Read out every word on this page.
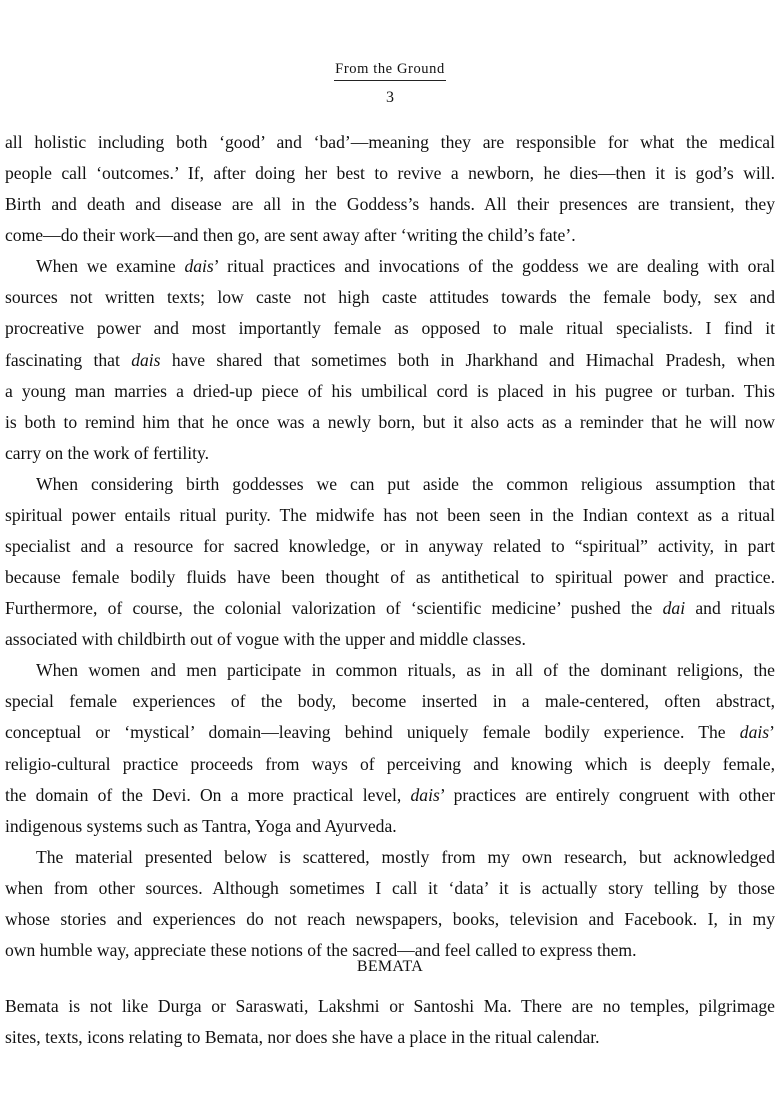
From the Ground
3
all holistic including both ‘good’ and ‘bad’—meaning they are responsible for what the medical
people call ‘outcomes.’ If, after doing her best to revive a newborn, he dies—then it is god’s will.
Birth and death and disease are all in the Goddess’s hands. All their presences are transient, they
come—do their work—and then go, are sent away after ‘writing the child’s fate’.
When we examine dais’ ritual practices and invocations of the goddess we are dealing with oral
sources not written texts; low caste not high caste attitudes towards the female body, sex and
procreative power and most importantly female as opposed to male ritual specialists. I find it
fascinating that dais have shared that sometimes both in Jharkhand and Himachal Pradesh, when
a young man marries a dried-up piece of his umbilical cord is placed in his pugree or turban. This
is both to remind him that he once was a newly born, but it also acts as a reminder that he will now
carry on the work of fertility.
When considering birth goddesses we can put aside the common religious assumption that
spiritual power entails ritual purity. The midwife has not been seen in the Indian context as a ritual
specialist and a resource for sacred knowledge, or in anyway related to “spiritual” activity, in part
because female bodily fluids have been thought of as antithetical to spiritual power and practice.
Furthermore, of course, the colonial valorization of ‘scientific medicine’ pushed the dai and rituals
associated with childbirth out of vogue with the upper and middle classes.
When women and men participate in common rituals, as in all of the dominant religions, the
special female experiences of the body, become inserted in a male-centered, often abstract,
conceptual or ‘mystical’ domain—leaving behind uniquely female bodily experience. The dais’
religio-cultural practice proceeds from ways of perceiving and knowing which is deeply female,
the domain of the Devi. On a more practical level, dais’ practices are entirely congruent with other
indigenous systems such as Tantra, Yoga and Ayurveda.
The material presented below is scattered, mostly from my own research, but acknowledged
when from other sources. Although sometimes I call it ‘data’ it is actually story telling by those
whose stories and experiences do not reach newspapers, books, television and Facebook. I, in my
own humble way, appreciate these notions of the sacred—and feel called to express them.
BEMATA
Bemata is not like Durga or Saraswati, Lakshmi or Santoshi Ma. There are no temples, pilgrimage
sites, texts, icons relating to Bemata, nor does she have a place in the ritual calendar.
